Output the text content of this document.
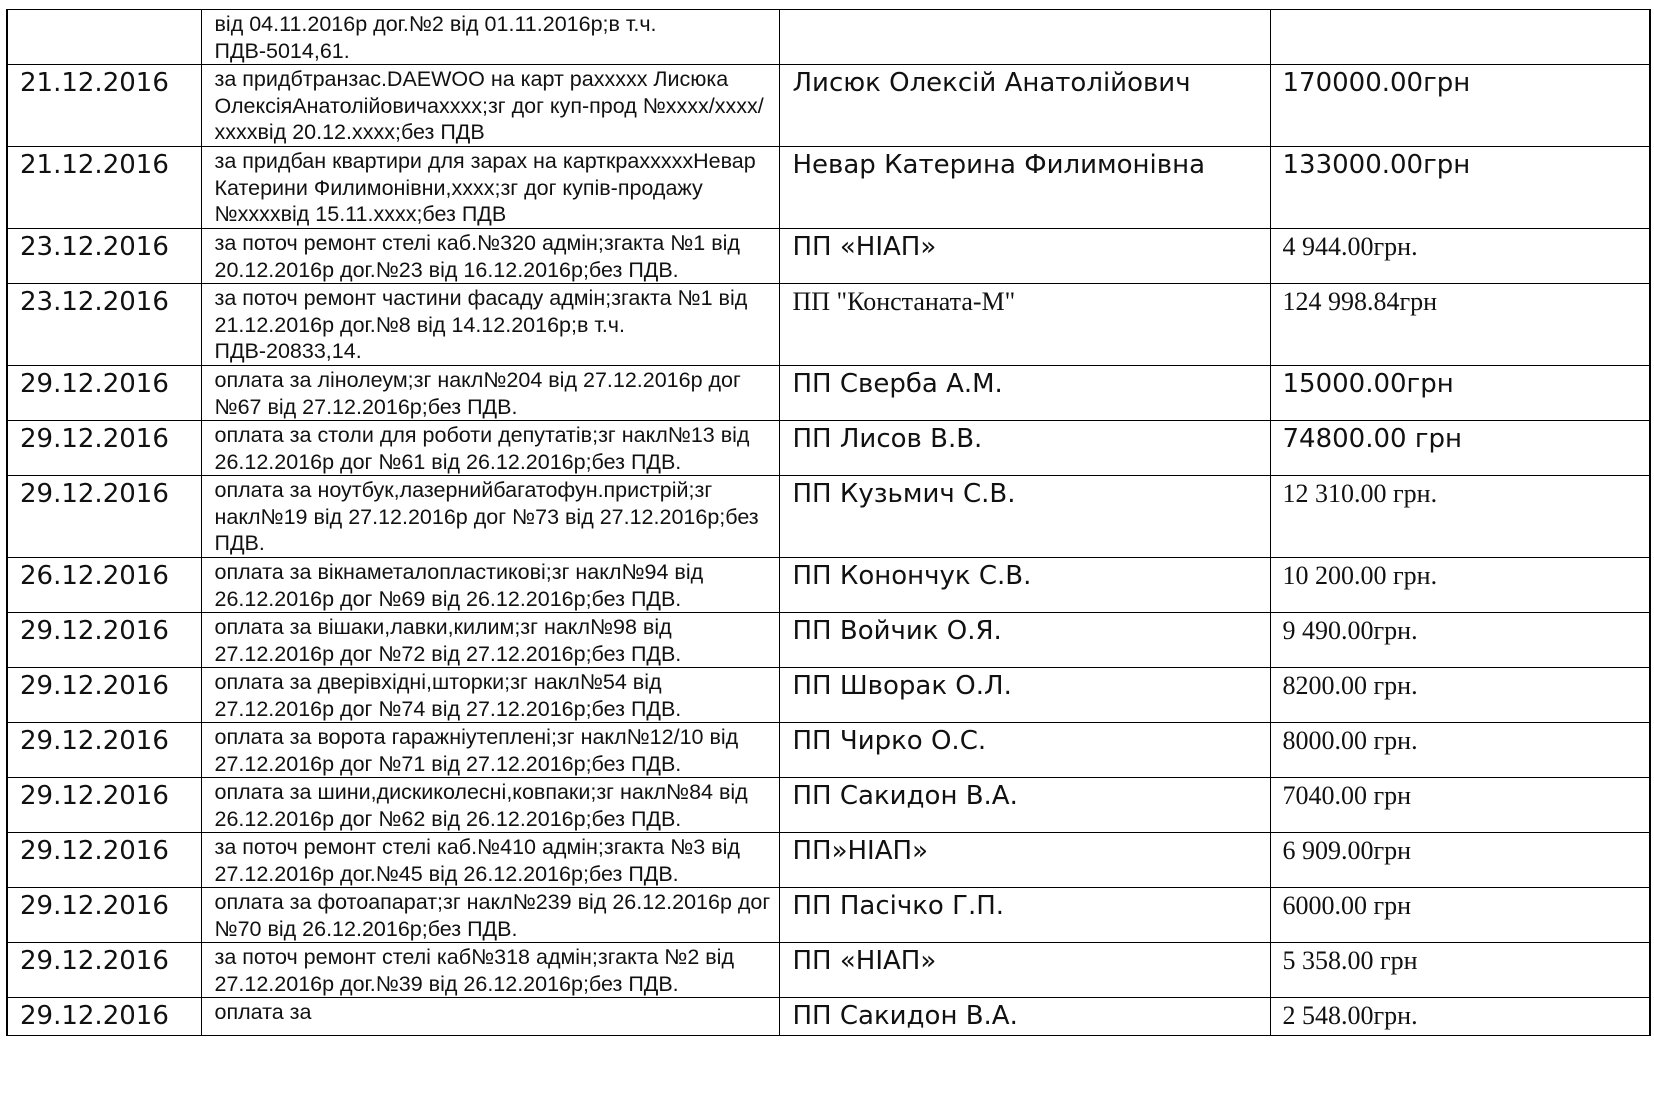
	від 04.11.2016р дог.№2 від 01.11.2016р;в т.ч. ПДВ-5014,61.		
21.12.2016	за придбтранзас.DAEWOO на карт рахххxx Лисюка ОлексіяАнатолійовичахххх;зг дог куп-прод №хххх/хххх/ххххвід 20.12.хххх;без ПДВ	Лисюк Олексій Анатолійович	170000.00грн
21.12.2016	за придбан квартири для зарах на карткрахххххНевар Катерини Филимонівни,хххх;зг дог купів-продажу №хххxвід 15.11.хххх;без ПДВ	Невар Катерина Филимонівна	133000.00грн
23.12.2016	за поточ ремонт стелі каб.№320 адмін;згакта №1 від 20.12.2016р дог.№23 від 16.12.2016р;без ПДВ.	ПП «НІАП»	4 944.00грн.
23.12.2016	за поточ ремонт частини фасаду адмін;згакта №1 від 21.12.2016р дог.№8 від 14.12.2016р;в т.ч. ПДВ-20833,14.	ПП "Констаната-М"	124 998.84грн
29.12.2016	оплата за лінолеум;зг накл№204 від 27.12.2016р дог №67 від 27.12.2016р;без ПДВ.	ПП Сверба А.М.	15000.00грн
29.12.2016	оплата за столи для роботи депутатів;зг накл№13 від 26.12.2016р дог №61 від 26.12.2016р;без ПДВ.	ПП Лисов В.В.	74800.00 грн
29.12.2016	оплата за ноутбук,лазернийбагатофун.пристрій;зг накл№19 від 27.12.2016р дог №73 від 27.12.2016р;без ПДВ.	ПП Кузьмич С.В.	12 310.00 грн.
26.12.2016	оплата за вікнаметалопластикові;зг накл№94 від 26.12.2016р дог №69 від 26.12.2016р;без ПДВ.	ПП Конончук С.В.	10 200.00 грн.
29.12.2016	оплата за вішаки,лавки,килим;зг накл№98 від 27.12.2016р дог №72 від 27.12.2016р;без ПДВ.	ПП Войчик О.Я.	9 490.00грн.
29.12.2016	оплата за дверівхідні,шторки;зг накл№54 від 27.12.2016р дог №74 від 27.12.2016р;без ПДВ.	ПП Шворак О.Л.	8200.00 грн.
29.12.2016	оплата за ворота гаражніутеплені;зг накл№12/10 від 27.12.2016р дог №71 від 27.12.2016р;без ПДВ.	ПП Чирко О.С.	8000.00 грн.
29.12.2016	оплата за шини,дискиколесні,ковпаки;зг накл№84 від 26.12.2016р дог №62 від 26.12.2016р;без ПДВ.	ПП Сакидон В.А.	7040.00 грн
29.12.2016	за поточ ремонт стелі каб.№410 адмін;згакта №3 від 27.12.2016р дог.№45 від 26.12.2016р;без ПДВ.	ПП»НІАП»	6 909.00грн
29.12.2016	оплата за фотоапарат;зг накл№239 від 26.12.2016р дог №70 від 26.12.2016р;без ПДВ.	ПП Пасічко Г.П.	6000.00 грн
29.12.2016	за поточ ремонт стелі каб№318 адмін;згакта №2 від 27.12.2016р дог.№39 від 26.12.2016р;без ПДВ.	ПП «НІАП»	5 358.00 грн
29.12.2016	оплата за	ПП Сакидон В.А.	2 548.00грн.
